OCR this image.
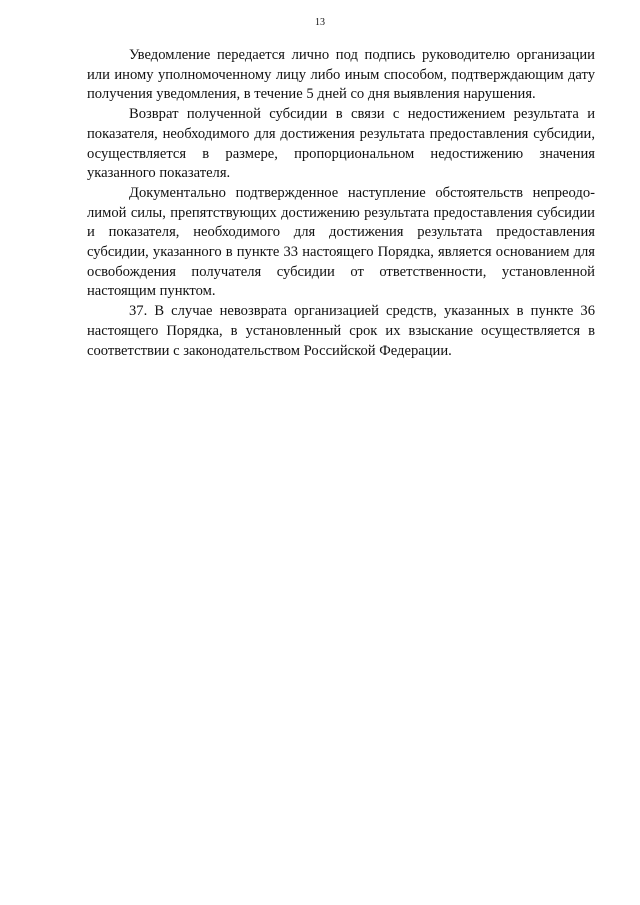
13

Уведомление передается лично под подпись руководителю организации или иному уполномоченному лицу либо иным способом, подтверждающим дату получения уведомления, в течение 5 дней со дня выявления нарушения.

Возврат полученной субсидии в связи с недостижением результата и показателя, необходимого для достижения результата предоставления субсидии, осуществляется в размере, пропорциональном недостижению значения указанного показателя.

Документально подтвержденное наступление обстоятельств непреодолимой силы, препятствующих достижению результата предоставления субсидии и показателя, необходимого для достижения результата предоставления субсидии, указанного в пункте 33 настоящего Порядка, является основанием для освобождения получателя субсидии от ответственности, установленной настоящим пунктом.

37. В случае невозврата организацией средств, указанных в пункте 36 настоящего Порядка, в установленный срок их взыскание осуществляется в соответствии с законодательством Российской Федерации.
